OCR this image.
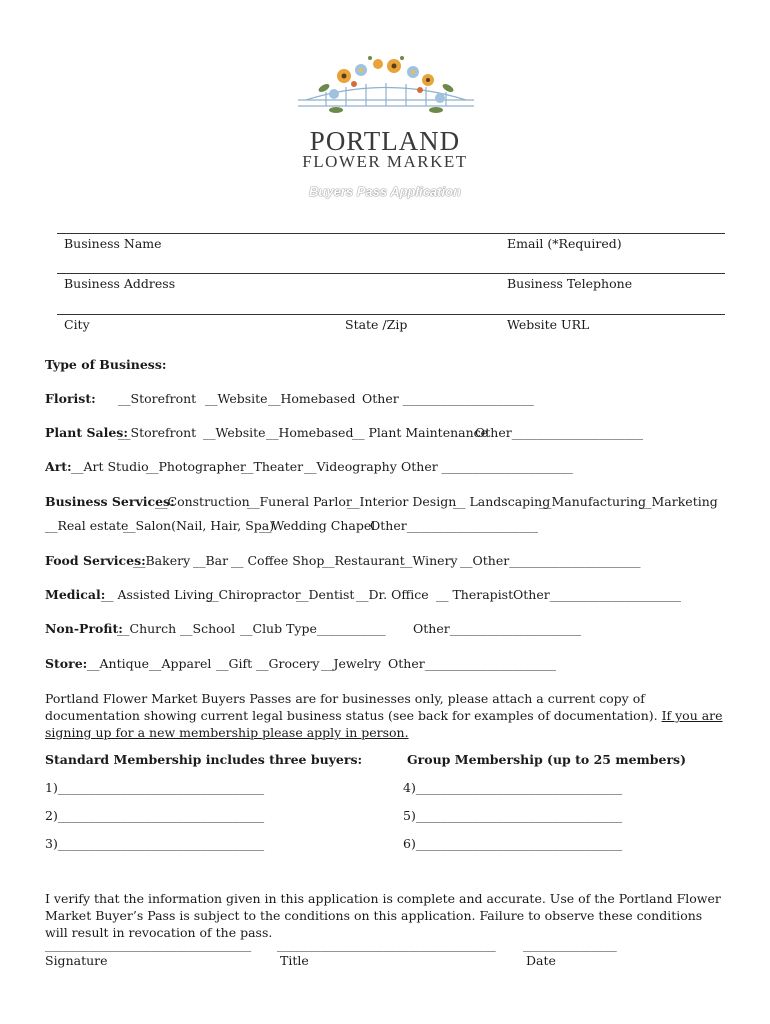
PORTLAND
FLOWER MARKET
Buyers Pass Application
Business Name	Email (*Required)
Business Address	Business Telephone
City	State /Zip	Website URL
Type of Business:
Florist: __Storefront __Website __Homebased Other _____________________
Plant Sales:
__Storefront __Website __Homebased
__ Plant Maintenance
Other_____________________
Art: __Art Studio
__Photographer
__Theater __Videography Other _____________________
Business Services:
__Construction
__Funeral Parlor
__Interior Design
__ Landscaping
__Manufacturing
__Marketing
__Real estate
__Salon(Nail, Hair, Spa)
__Wedding Chapel
Other_____________________
Food Services:
__Bakery __Bar __ Coffee Shop
__Restaurant
__Winery __Other_____________________
Medical:
__ Assisted Living
__Chiropractor
__Dentist __Dr. Office __ Therapist Other_____________________
Non-Profit:
__Church __School __Club Type___________ Other_____________________
Store: __Antique __Apparel __Gift __Grocery __Jewelry Other_____________________
Portland Flower Market Buyers Passes are for businesses only, please attach a current copy of documentation showing current legal business status (see back for examples of documentation). If you are signing up for a new membership please apply in person.
Standard Membership includes three buyers:	Group Membership (up to 25 members)
1)_________________________________
2)_________________________________
3)_________________________________
4)_________________________________
5)_________________________________
6)_________________________________
I verify that the information given in this application is complete and accurate. Use of the Portland Flower Market Buyer’s Pass is subject to the conditions on this application. Failure to observe these conditions will result in revocation of the pass.
_________________________________ ___________________________________ _______________
Signature	Title	Date
